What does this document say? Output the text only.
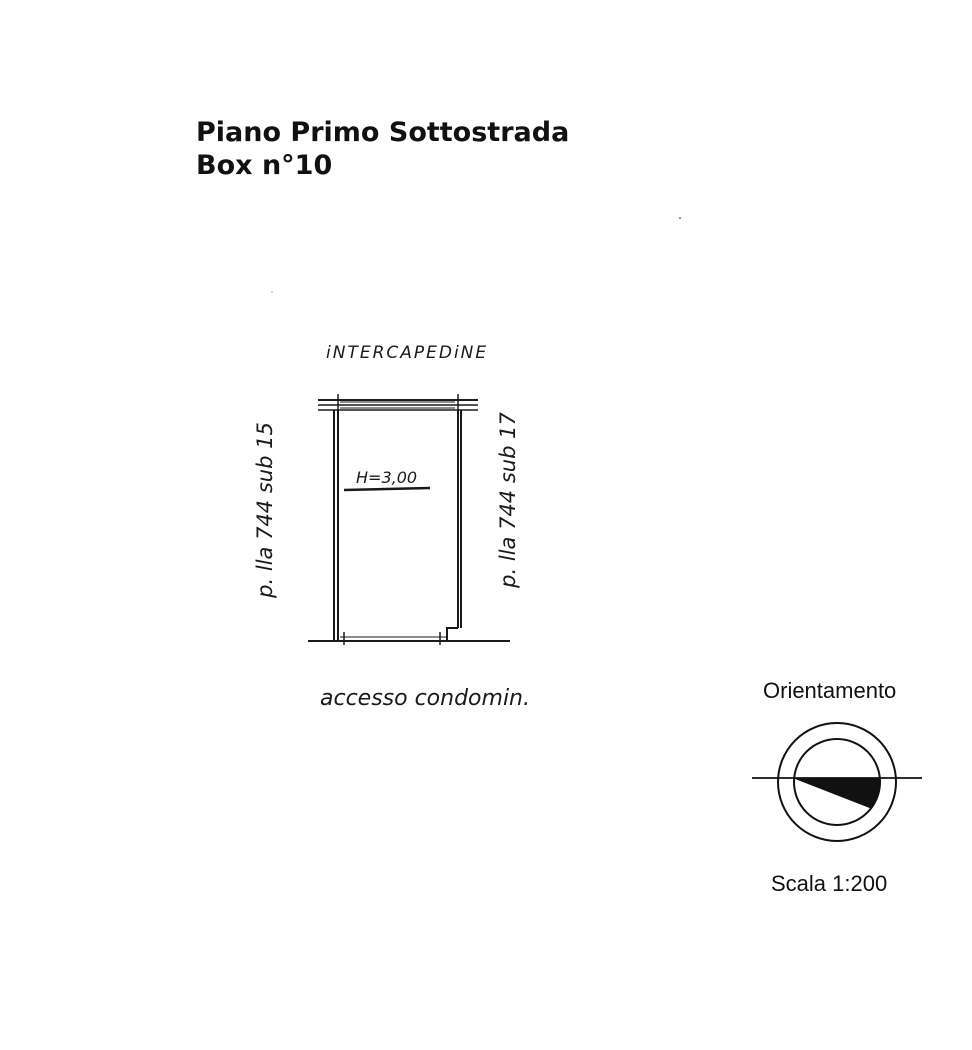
Piano Primo Sottostrada
Box n°10
iNTERCAPEDiNE
p. lla 744 sub 15	p. lla 744 sub 17
H=3,00
accesso condomin.	Orientamento
Scala 1:200
